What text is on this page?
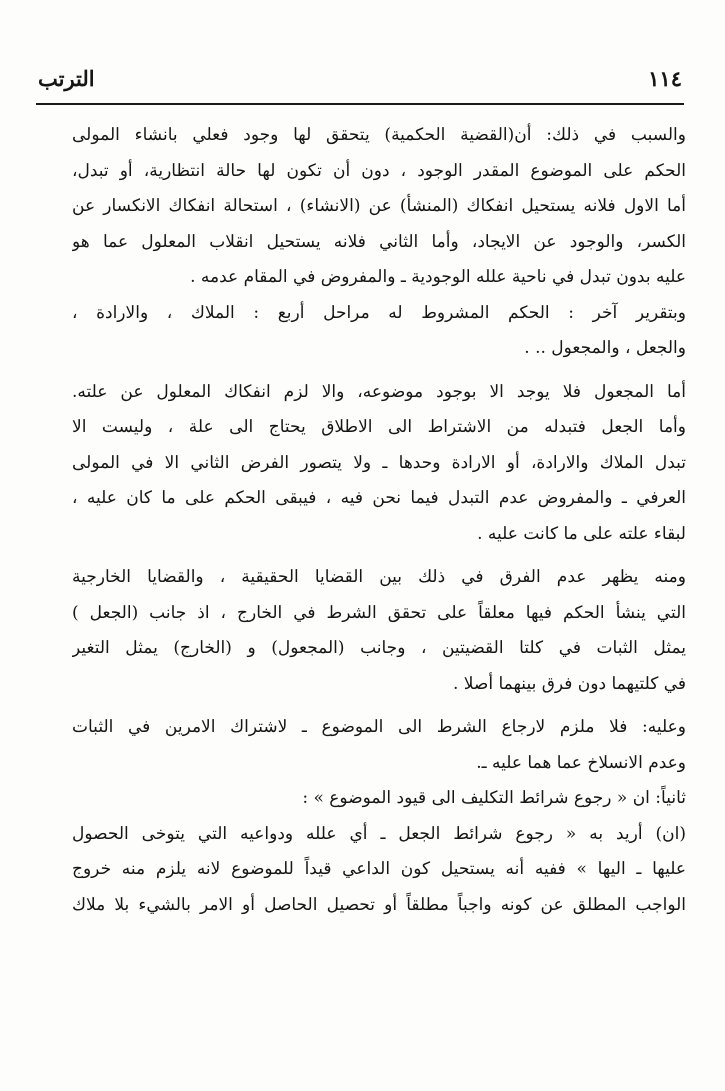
١١٤
الترتب
والسبب في ذلك: أن(القضية الحكمية) يتحقق لها وجود فعلي بانشاء المولى
الحكم على الموضوع المقدر الوجود ، دون أن تكون لها حالة انتظارية، أو تبدل،
أما الاول فلانه يستحيل انفكاك (المنشأ) عن (الانشاء) ، استحالة انفكاك الانكسار عن
الكسر، والوجود عن الايجاد، وأما الثاني فلانه يستحيل انقلاب المعلول عما هو
عليه بدون تبدل في ناحية علله الوجودية ـ والمفروض في المقام عدمه .
وبتقرير آخر : الحكم المشروط له مراحل أربع : الملاك ، والارادة ،
والجعل ، والمجعول .. .
أما المجعول فلا يوجد الا بوجود موضوعه، والا لزم انفكاك المعلول عن علته.
وأما الجعل فتبدله من الاشتراط الى الاطلاق يحتاج الى علة ، وليست الا
تبدل الملاك والارادة، أو الارادة وحدها ـ ولا يتصور الفرض الثاني الا في المولى
العرفي ـ والمفروض عدم التبدل فيما نحن فيه ، فيبقى الحكم على ما كان عليه ،
لبقاء علته على ما كانت عليه .
ومنه يظهر عدم الفرق في ذلك بين القضايا الحقيقية ، والقضايا الخارجية
التي ينشأ الحكم فيها معلقاً على تحقق الشرط في الخارج ، اذ جانب (الجعل )
يمثل الثبات في كلتا القضيتين ، وجانب (المجعول) و (الخارج) يمثل التغير
في كلتيهما دون فرق بينهما أصلا .
وعليه: فلا ملزم لارجاع الشرط الى الموضوع ـ لاشتراك الامرين في الثبات
وعدم الانسلاخ عما هما عليه ـ.
ثانياً: ان « رجوع شرائط التكليف الى قيود الموضوع » :
(ان) أريد به « رجوع شرائط الجعل ـ أي علله ودواعيه التي يتوخى الحصول
عليها ـ اليها » ففيه أنه يستحيل كون الداعي قيداً للموضوع لانه يلزم منه خروج
الواجب المطلق عن كونه واجباً مطلقاً أو تحصيل الحاصل أو الامر بالشيء بلا ملاك
